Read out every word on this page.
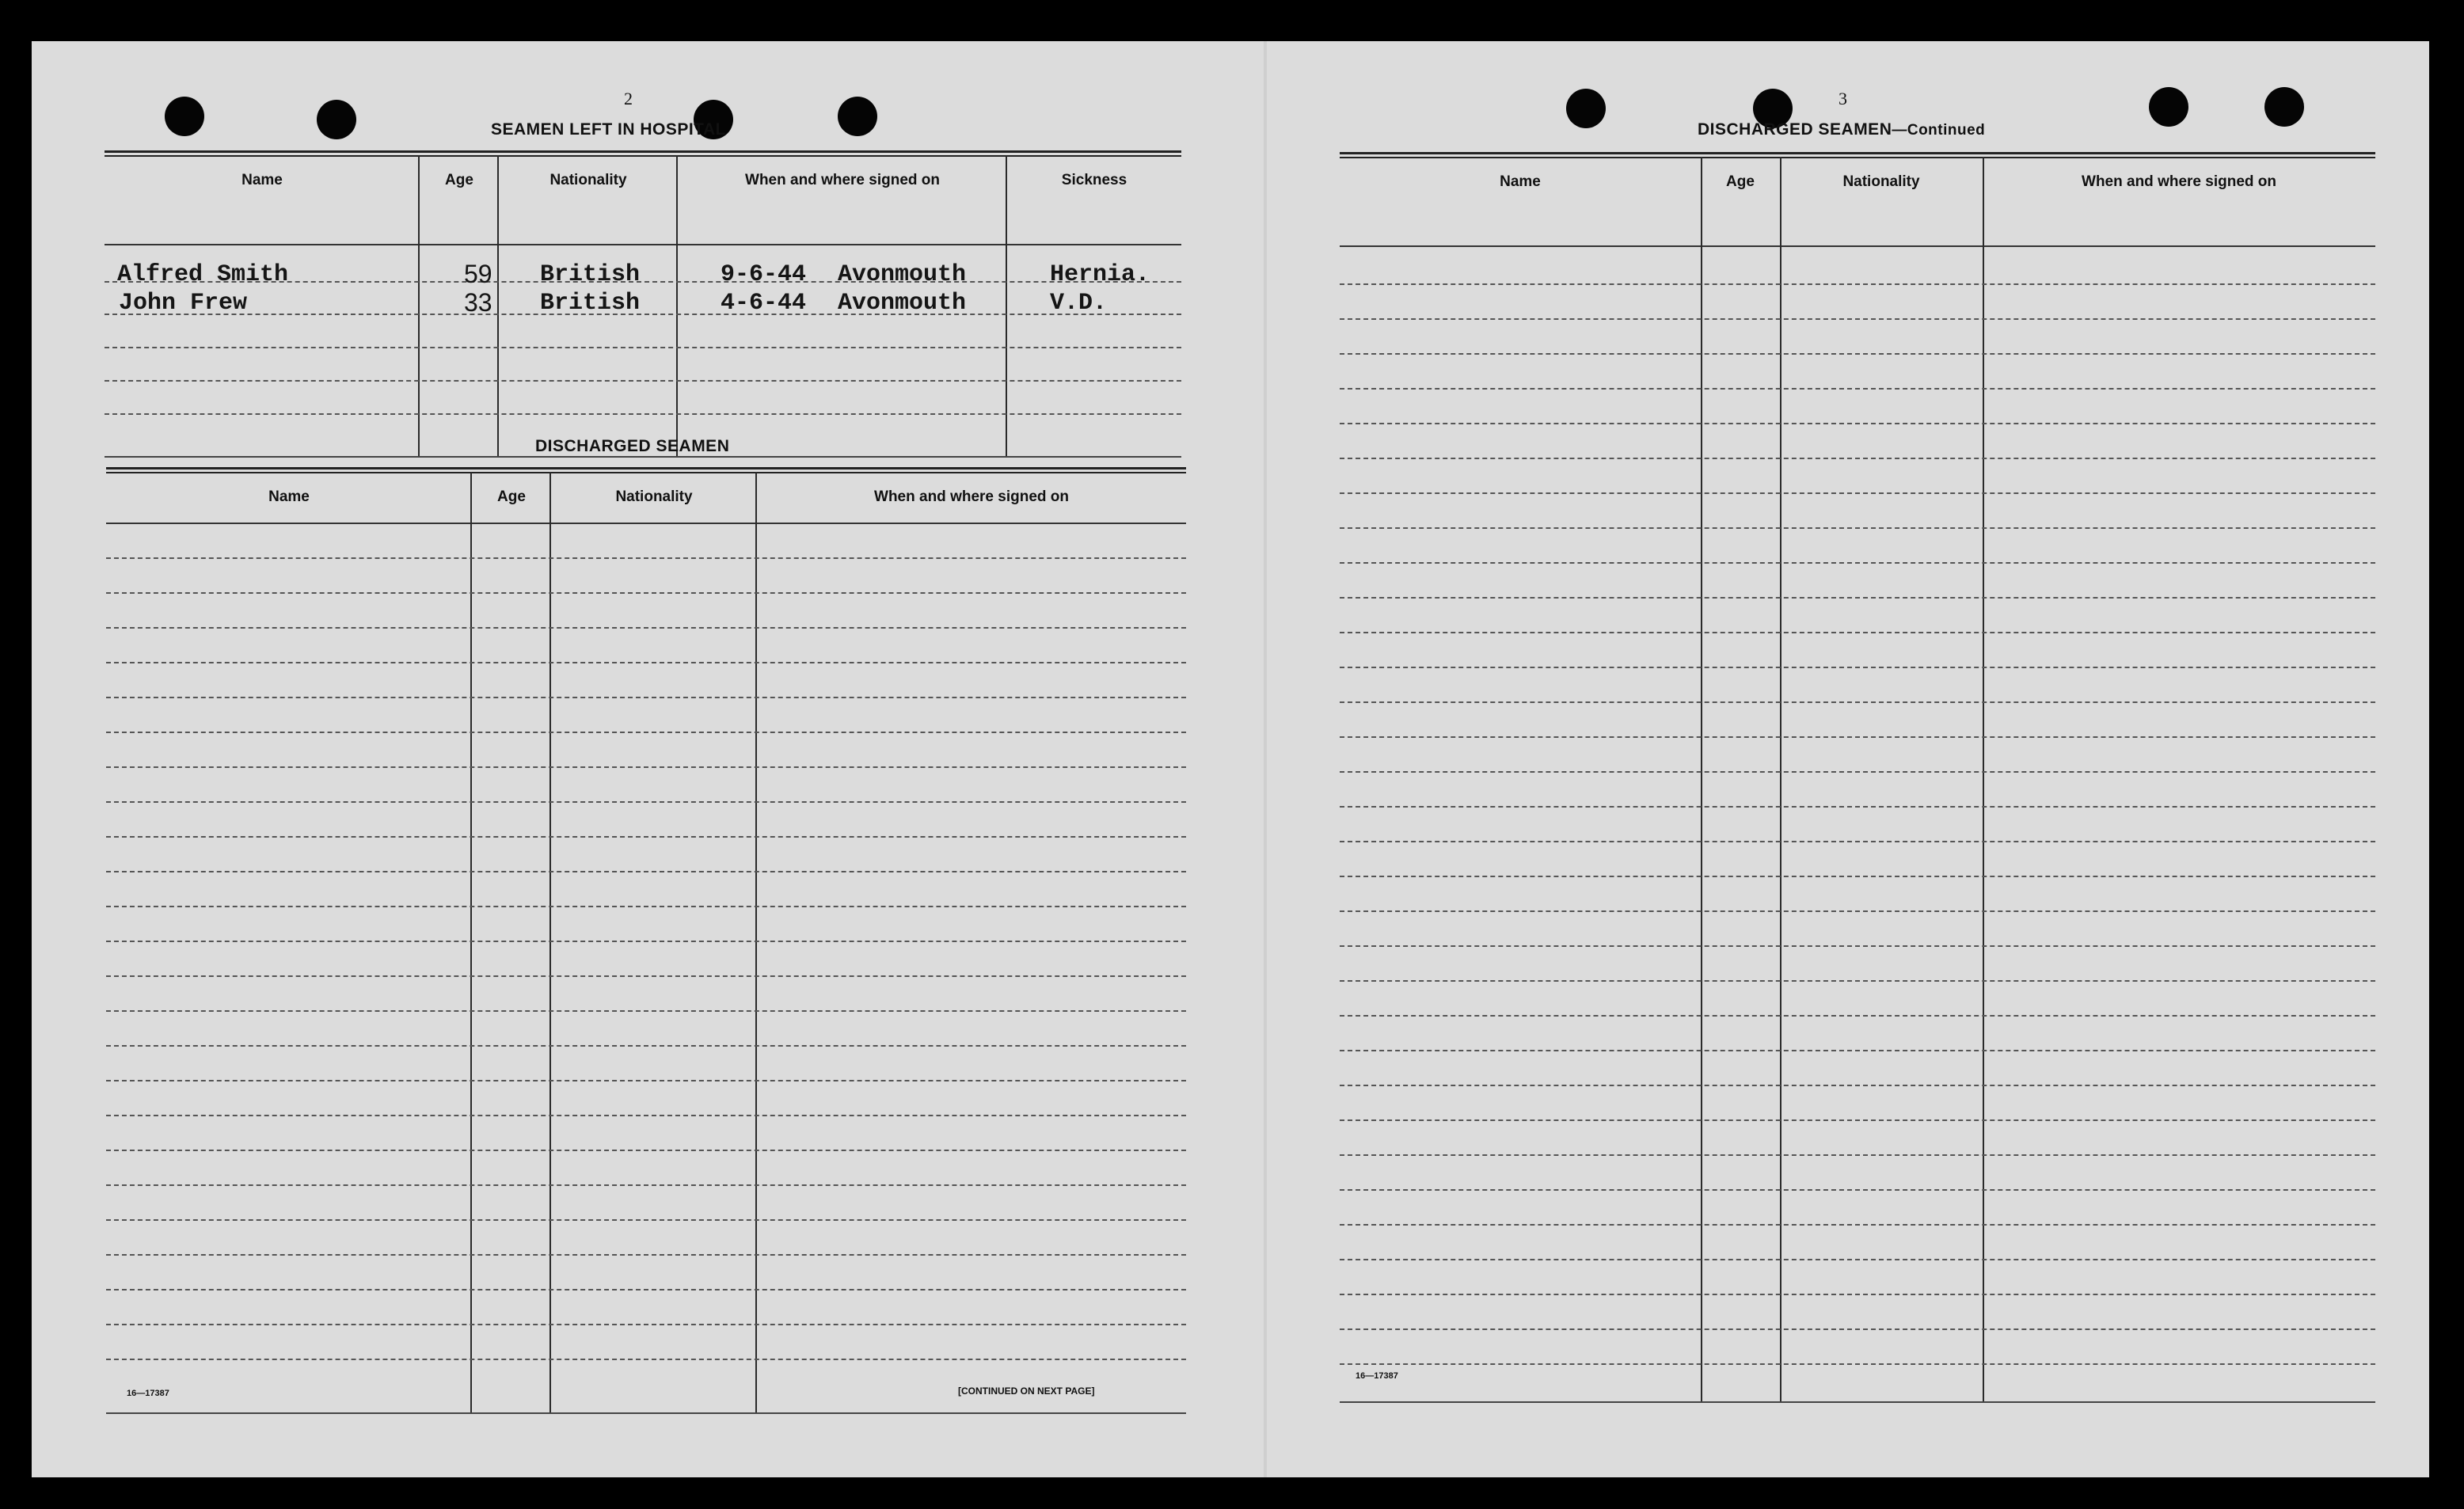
2
SEAMEN LEFT IN HOSPITAL
Name	Age	Nationality	When and where signed on	Sickness
Alfred Smith	59 British	9-6-44 Avonmouth	Hernia.
John Frew	33 British	4-6-44 Avonmouth	V.D.
DISCHARGED SEAMEN
Name	Age	Nationality	When and where signed on
16—17387	[CONTINUED ON NEXT PAGE]
3
DISCHARGED SEAMEN—Continued
Name	Age	Nationality	When and where signed on
16—17387
